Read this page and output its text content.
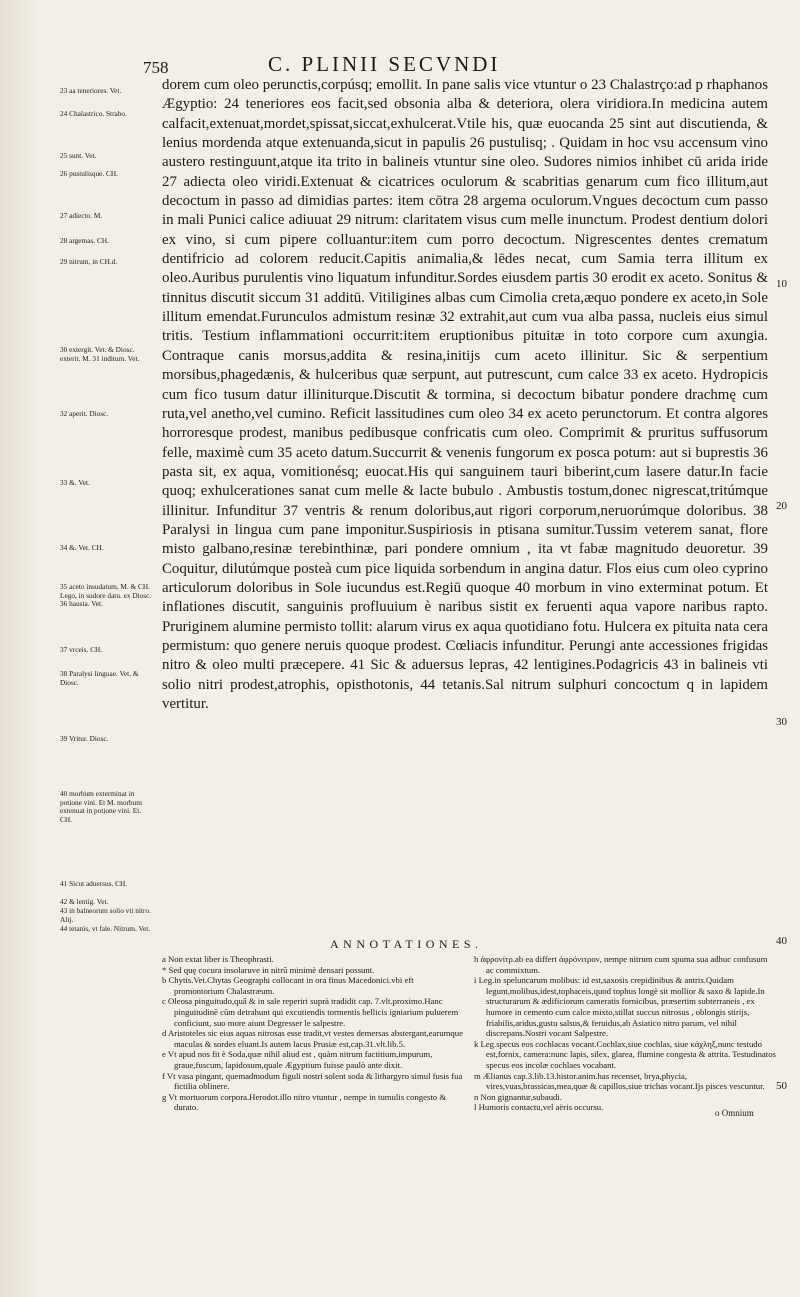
758	C. PLINII SECVNDI
23 aa teneriores. Vet.
24 Chalastrico. Strabo.
25 sunt. Vet.
26 pustulisque. CH.
27 adiecto. M.
28 argemas. CH.
29 nitrum, in CH.d.
30 extergit. Vet. & Diosc. exterit. M. 31 inditum. Vet.
32 aperit. Diosc.
33 &. Vet.
34 &. Vet. CH.
35 aceto insudatum. M. & CH. Lego, in sudore datu. ex Diosc. 36 hausta. Vet.
37 vrceis. CH.
38 Paralysi linguae. Vet. & Diosc.
39 Vritur. Diosc.
40 morbum exterminat in potione vini. Et M. morbum extenuat in potione vini. Et. CH.
41 Sicut aduersus. CH.
42 & lentig. Vet.
43 in balneorum solio vti nitro. Alij.
44 tetanis, vt fale. Nitrum. Vet.

dorem cum oleo perunctis,corpúsq; emollit. In pane salis vice vtuntur o 23 Chalastrço:ad p rhaphanos Ægyptio: 24 teneriores eos facit,sed obsonia alba & deteriora, olera viridiora.In medicina autem calfacit,extenuat,mordet,spissat,siccat,exhulcerat.Vtile his, quæ euocanda 25 sint aut discutienda, & lenius mordenda atque extenuanda,sicut in papulis 26 pustulisq; . Quidam in hoc vsu accensum vino austero restinguunt,atque ita trito in balineis vtuntur sine oleo. Sudores nimios inhibet cū arida iride 27 adiecta oleo viridi.Extenuat & cicatrices oculorum & scabritias genarum cum fico illitum,aut decoctum in passo ad dimidias partes: item cōtra 28 argema oculorum.Vngues decoctum cum passo in mali Punici calice adiuuat 29 nitrum: claritatem visus cum melle inunctum. Prodest dentium dolori ex vino, si cum pipere colluantur:item cum porro decoctum. Nigrescentes dentes crematum dentifricio ad colorem reducit.Capitis animalia,& lēdes necat, cum Samia terra illitum ex oleo.Auribus purulentis vino liquatum infunditur.Sordes eiusdem partis 30 erodit ex aceto. Sonitus & tinnitus discutit siccum 31 additū. Vitiligines albas cum Cimolia creta,æquo pondere ex aceto,in Sole illitum emendat.Furunculos admistum resinæ 32 extrahit,aut cum vua alba passa, nucleis eius simul tritis. Testium inflammationi occurrit:item eruptionibus pituitæ in toto corpore cum axungia. Contraque canis morsus,addita & resina,initijs cum aceto illinitur. Sic & serpentium morsibus,phagedænis, & hulceribus quæ serpunt, aut putrescunt, cum calce 33 ex aceto. Hydropicis cum fico tusum datur illiniturque.Discutit & tormina, si decoctum bibatur pondere drachmę cum ruta,vel anetho,vel cumino. Reficit lassitudines cum oleo 34 ex aceto perunctorum. Et contra algores horroresque prodest, manibus pedibusque confricatis cum oleo. Comprimit & pruritus suffusorum felle, maximè cum 35 aceto datum.Succurrit & venenis fungorum ex posca potum: aut si buprestis 36 pasta sit, ex aqua, vomitionésq; euocat.His qui sanguinem tauri biberint,cum lasere datur.In facie quoq; exhulcerationes sanat cum melle & lacte bubulo . Ambustis tostum,donec nigrescat,tritúmque illinitur. Infunditur 37 ventris & renum doloribus,aut rigori corporum,neruorúmque doloribus. 38 Paralysi in lingua cum pane imponitur.Suspiriosis in ptisana sumitur.Tussim veterem sanat, flore misto galbano,resinæ terebinthinæ, pari pondere omnium , ita vt fabæ magnitudo deuoretur. 39 Coquitur, dilutúmque posteà cum pice liquida sorbendum in angina datur. Flos eius cum oleo cyprino articulorum doloribus in Sole iucundus est.Regiū quoque 40 morbum in vino exterminat potum. Et inflationes discutit, sanguinis profluuium è naribus sistit ex feruenti aqua vapore naribus rapto. Pruriginem alumine permisto tollit: alarum virus ex aqua quotidiano fotu. Hulcera ex pituita nata cera permistum: quo genere neruis quoque prodest. Cœliacis infunditur. Perungi ante accessiones frigidas nitro & oleo multi præcepere. 41 Sic & aduersus lepras, 42 lentigines.Podagricis 43 in balineis vti solio nitri prodest,atrophis, opisthotonis, 44 tetanis.Sal nitrum sulphuri concoctum q in lapidem vertitur.

10
20
30
40
50
ANNOTATIONES.

a Non extat liber is Theophrasti.

* Sed quę cocura insolaruve in nitrū minimè densari possunt.

b Chytis.Vet.Chytas Geographi collocant in ora finus Macedonici.vbi eft promontorium Chalastræum.

c Oleosa pinguitudo,quâ & in sale reperiri suprà tradidit cap. 7.vlt.proximo.Hanc pinguitudinē cūm detrahunt qui excutiendis tormentis bellicis igniarium puluerem conficiunt, suo more aiunt Degresser le salpestre.

d Aristoteles sic eius aquas nitrosas esse tradit,vt vestes demersas abstergant,earumque maculas & sordes eluant.Is autem lacus Prusiæ est,cap.31.vlt.lib.5.

e Vt apud nos fit è Soda,quæ nihil aliud est , quàm nitrum factitium,impurum, graue,fuscum, lapidosum,quale Ægyptium fuisse paulò ante dixit.

f Vt vasa pingant, quemadmodum figuli nostri solent soda & lithargyro simul fusis fua fictilia oblinere.

g Vt mortuorum corpora.Herodot.illo nitro vtuntur , nempe in tumulis congesto & durato.

h ἀφρονίτρ.ab ea differt ἀφρόνιτρον, nempe nitrum cum spuma sua adhuc confusum ac commixtum.

i Leg.in speluncarum molibus: id est,saxosis crepidinibus & antris.Quidam legunt,molibus,idest,tophaceis,quod tophus longè sit mollior & saxo & lapide.In structurarum & ædificiorum cameratis fornicibus, præsertim subterraneis , ex humore in cemento cum calce mixto,stillat succus nitrosus , oblongis stirijs, friabilis,aridus,gustu salsus,& feruidus,ab Asiatico nitro parum, vel nihil discrepans.Nostri vocant Salpestre.

k Leg.specus eos cochlacas vocant.Cochlax,siue cochlas, siue κάχληξ,nunc testudo est,fornix, camera:nunc lapis, silex, glarea, flumine congesta & attrita. Testudinatos specus eos incolæ cochlaes vocabant.

m Ælianus cap.3.lib.13.histor.anim.has recenset, brya,phycia, vires,vuas,brassicas,mea,quæ & capillos,siue trichas vocant.Ijs pisces vescuntur.

n Non gignantur,subaudi.

l Humoris contactu,vel aëris occursu.

o Omnium
